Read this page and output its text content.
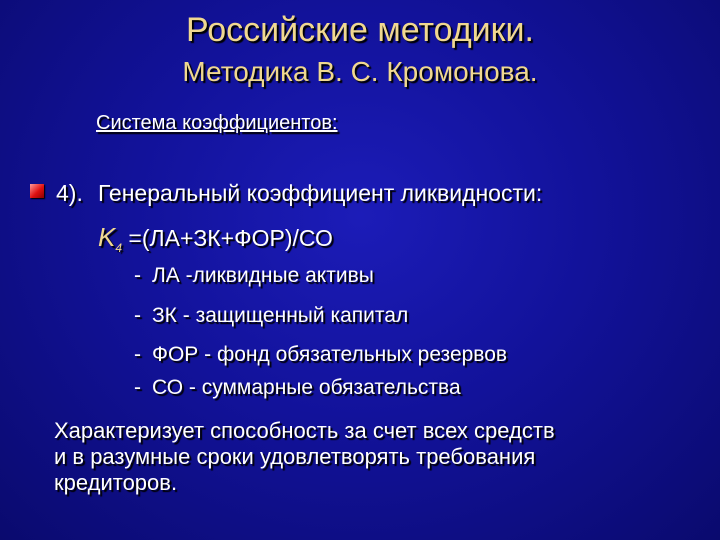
Российские методики.
Методика В. С. Кромонова.
Система коэффициентов:
4). Генеральный коэффициент ликвидности:
$K_4 =(ЛА+ЗК+ФОР)/СО$
- ЛА -ликвидные активы
- ЗК - защищенный капитал
- ФОР - фонд обязательных резервов
- СО - суммарные обязательства
Характеризует способность за счет всех средств
и в разумные сроки удовлетворять требования
кредиторов.
